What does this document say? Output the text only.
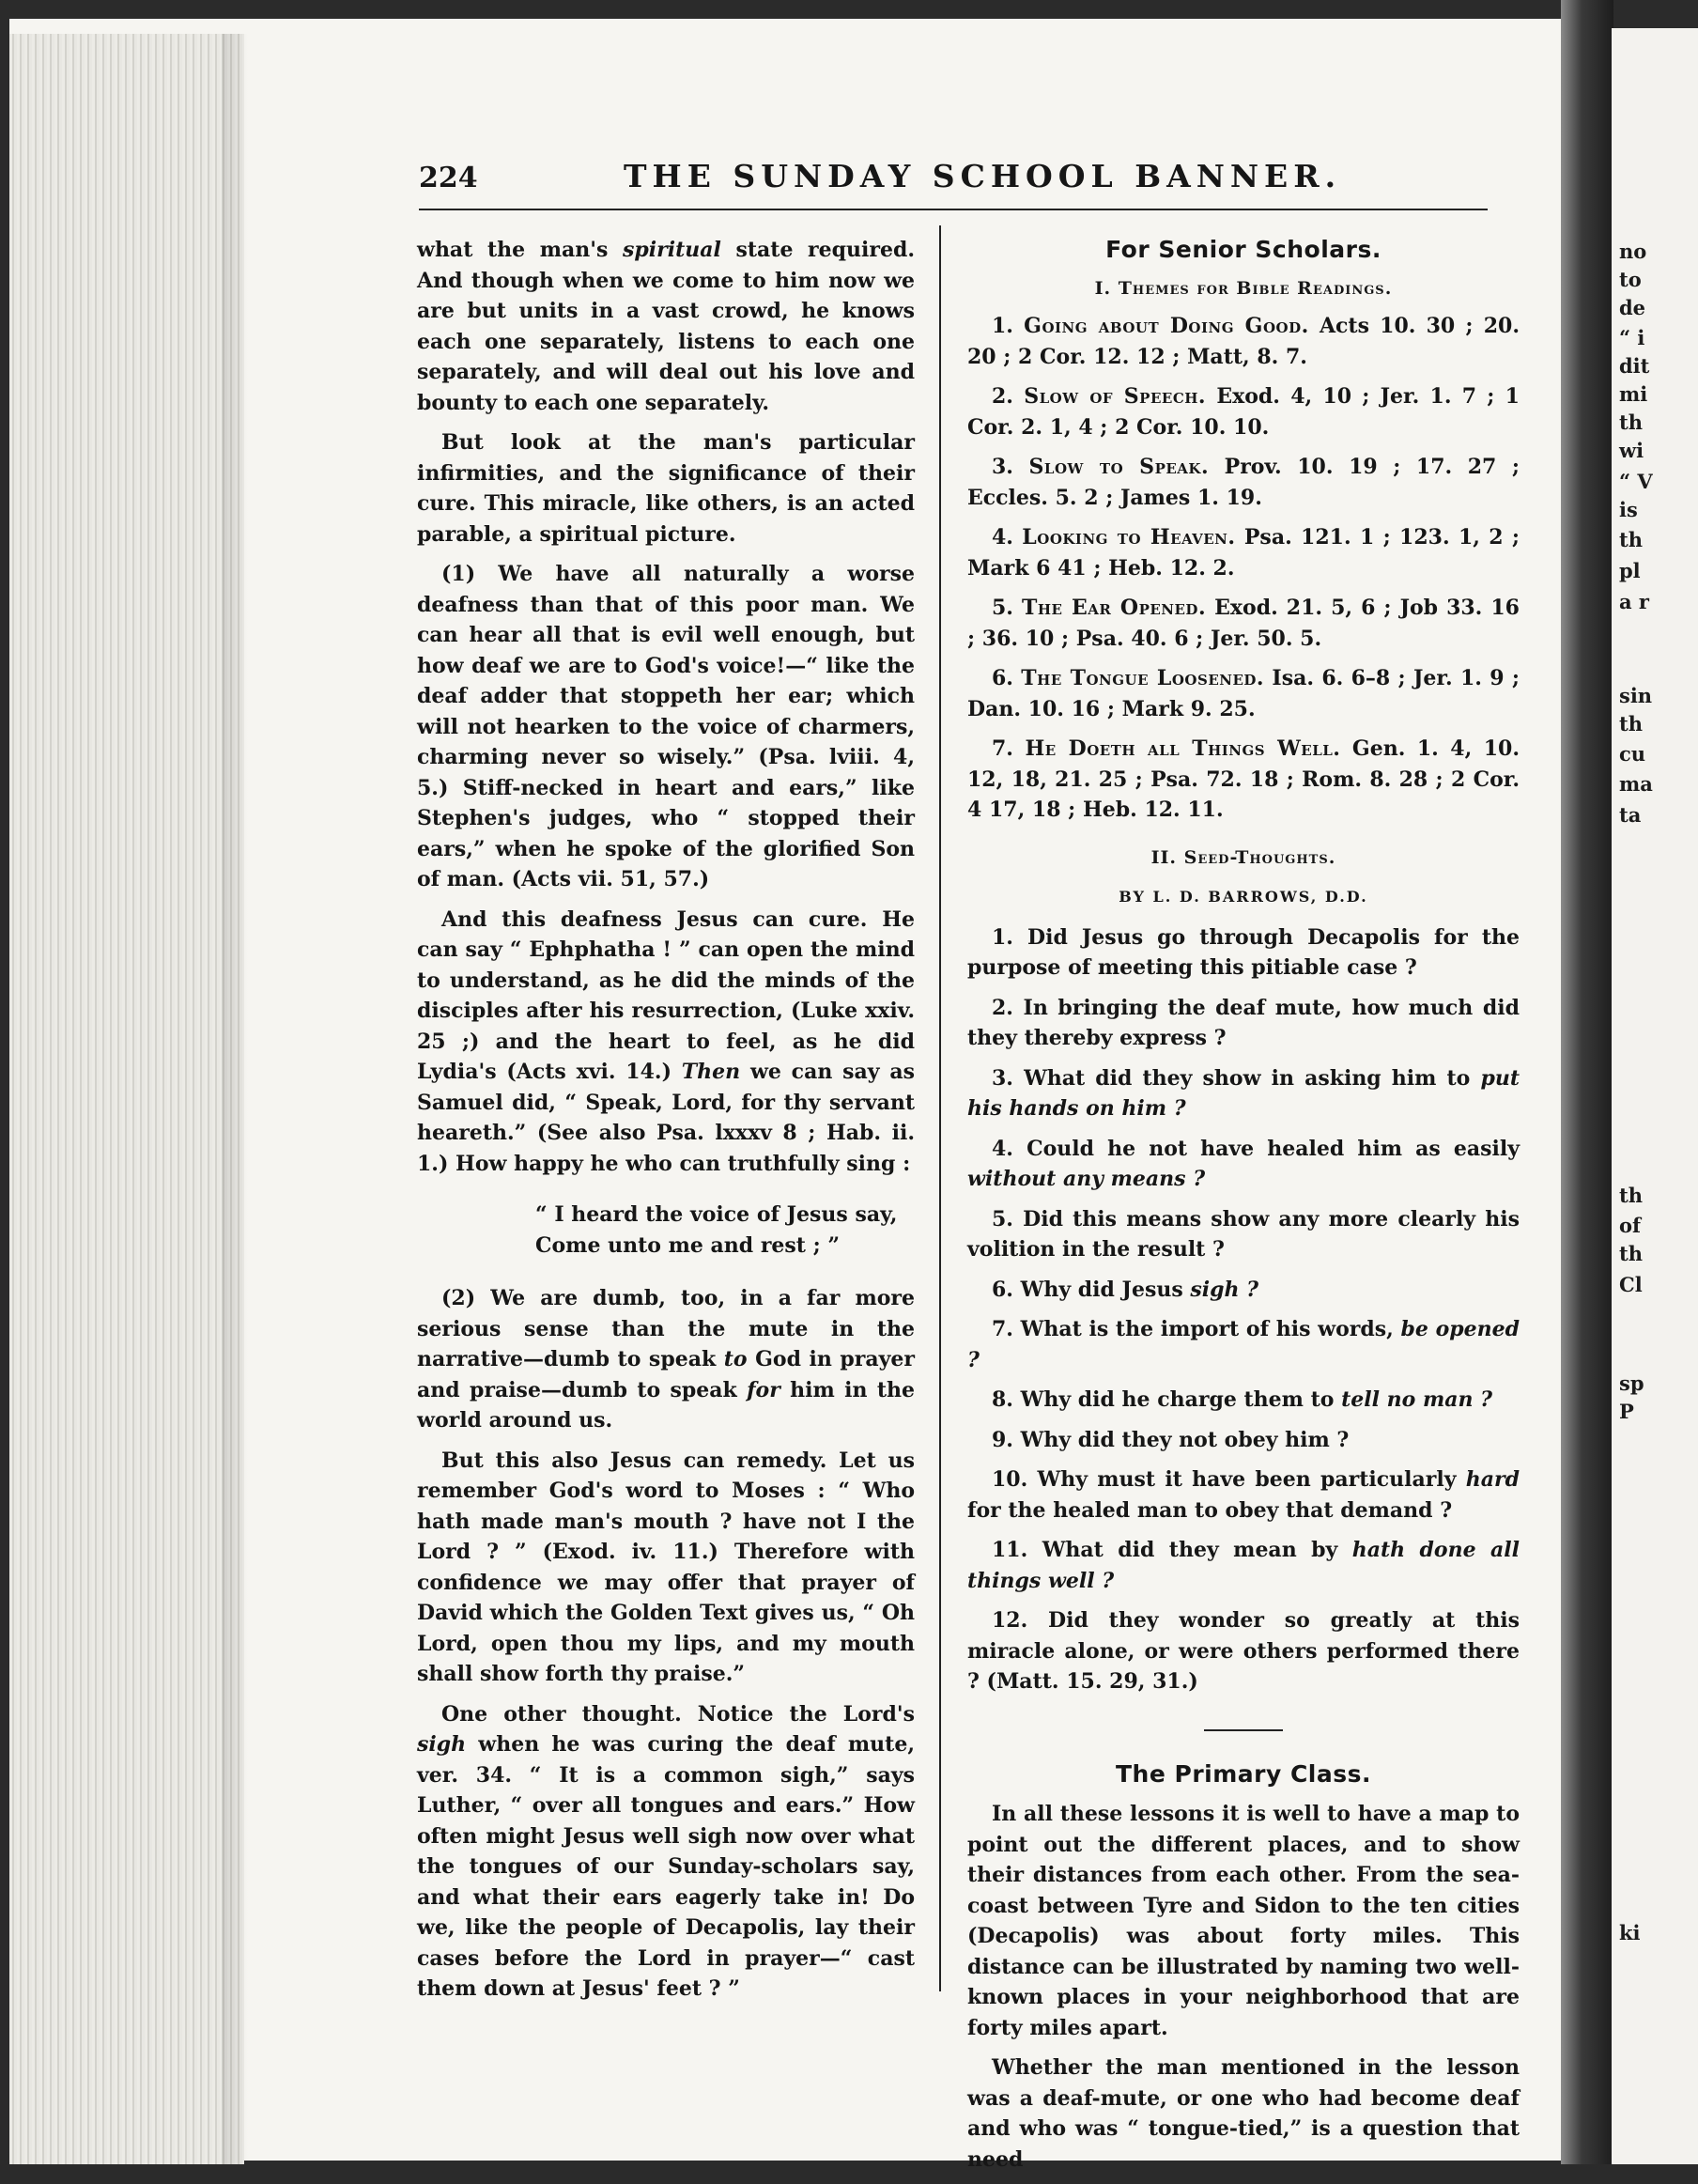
no
to
de
“ i
dit
mi
th
wi
“ V
is
th
pl
a r
sin
th
cu
ma
ta
th
of
th
Cl
sp
P
ki
224	THE SUNDAY SCHOOL BANNER.

what the man's spiritual state required. And though when we come to him now we are but units in a vast crowd, he knows each one separately, listens to each one separately, and will deal out his love and bounty to each one separately.

But look at the man's particular infirmities, and the significance of their cure. This miracle, like others, is an acted parable, a spiritual picture.

(1) We have all naturally a worse deafness than that of this poor man. We can hear all that is evil well enough, but how deaf we are to God's voice!—“ like the deaf adder that stoppeth her ear; which will not hearken to the voice of charmers, charming never so wisely.” (Psa. lviii. 4, 5.) Stiff-necked in heart and ears,” like Stephen's judges, who “ stopped their ears,” when he spoke of the glorified Son of man. (Acts vii. 51, 57.)

And this deafness Jesus can cure. He can say “ Ephphatha ! ” can open the mind to understand, as he did the minds of the disciples after his resurrection, (Luke xxiv. 25 ;) and the heart to feel, as he did Lydia's (Acts xvi. 14.) Then we can say as Samuel did, “ Speak, Lord, for thy servant heareth.” (See also Psa. lxxxv 8 ; Hab. ii. 1.) How happy he who can truthfully sing :

“ I heard the voice of Jesus say,
Come unto me and rest ; ”

(2) We are dumb, too, in a far more serious sense than the mute in the narrative—dumb to speak to God in prayer and praise—dumb to speak for him in the world around us.

But this also Jesus can remedy. Let us remember God's word to Moses : “ Who hath made man's mouth ? have not I the Lord ? ” (Exod. iv. 11.) Therefore with confidence we may offer that prayer of David which the Golden Text gives us, “ Oh Lord, open thou my lips, and my mouth shall show forth thy praise.”

One other thought. Notice the Lord's sigh when he was curing the deaf mute, ver. 34. “ It is a common sigh,” says Luther, “ over all tongues and ears.” How often might Jesus well sigh now over what the tongues of our Sunday-scholars say, and what their ears eagerly take in! Do we, like the people of Decapolis, lay their cases before the Lord in prayer—“ cast them down at Jesus' feet ? ”

For Senior Scholars.
I. Themes for Bible Readings.

1. Going about Doing Good. Acts 10. 30 ; 20. 20 ; 2 Cor. 12. 12 ; Matt, 8. 7.

2. Slow of Speech. Exod. 4, 10 ; Jer. 1. 7 ; 1 Cor. 2. 1, 4 ; 2 Cor. 10. 10.

3. Slow to Speak. Prov. 10. 19 ; 17. 27 ; Eccles. 5. 2 ; James 1. 19.

4. Looking to Heaven. Psa. 121. 1 ; 123. 1, 2 ; Mark 6 41 ; Heb. 12. 2.

5. The Ear Opened. Exod. 21. 5, 6 ; Job 33. 16 ; 36. 10 ; Psa. 40. 6 ; Jer. 50. 5.

6. The Tongue Loosened. Isa. 6. 6–8 ; Jer. 1. 9 ; Dan. 10. 16 ; Mark 9. 25.

7. He Doeth all Things Well. Gen. 1. 4, 10. 12, 18, 21. 25 ; Psa. 72. 18 ; Rom. 8. 28 ; 2 Cor. 4 17, 18 ; Heb. 12. 11.

II. Seed-Thoughts.
BY L. D. BARROWS, D.D.

1. Did Jesus go through Decapolis for the purpose of meeting this pitiable case ?

2. In bringing the deaf mute, how much did they thereby express ?

3. What did they show in asking him to put his hands on him ?

4. Could he not have healed him as easily without any means ?

5. Did this means show any more clearly his volition in the result ?

6. Why did Jesus sigh ?

7. What is the import of his words, be opened ?

8. Why did he charge them to tell no man ?

9. Why did they not obey him ?

10. Why must it have been particularly hard for the healed man to obey that demand ?

11. What did they mean by hath done all things well ?

12. Did they wonder so greatly at this miracle alone, or were others performed there ? (Matt. 15. 29, 31.)

The Primary Class.

In all these lessons it is well to have a map to point out the different places, and to show their distances from each other. From the sea-coast between Tyre and Sidon to the ten cities (Decapolis) was about forty miles. This distance can be illustrated by naming two well-known places in your neighborhood that are forty miles apart.

Whether the man mentioned in the lesson was a deaf-mute, or one who had become deaf and who was “ tongue-tied,” is a question that need
